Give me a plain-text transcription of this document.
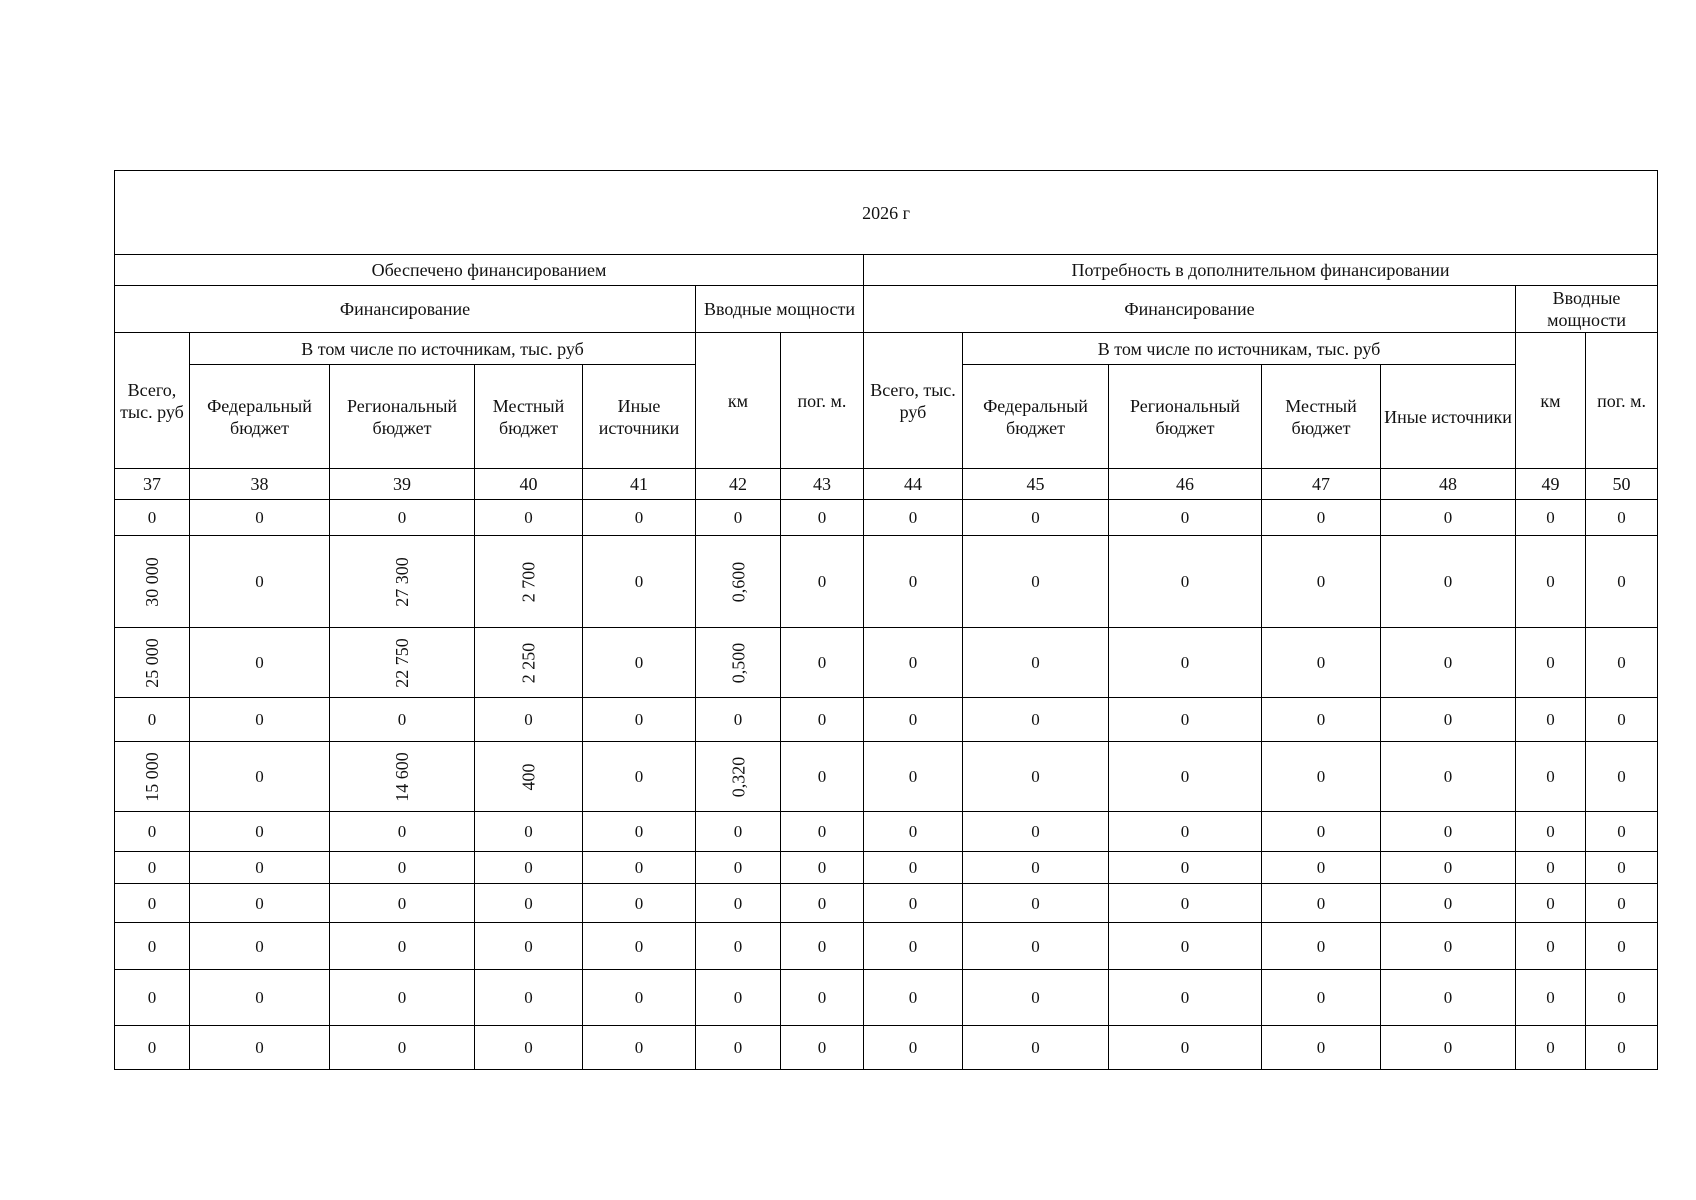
2026 г													
Обеспечено финансированием							Потребность в дополнительном финансировании						
Финансирование					Вводные мощности		Финансирование					Вводные мощности	
Всего, тыс. руб	В том числе по источникам, тыс. руб				км	пог. м.	Всего, тыс. руб	В том числе по источникам, тыс. руб				км	пог. м.
	Федеральный бюджет	Региональный бюджет	Местный бюджет	Иные источники				Федеральный бюджет	Региональный бюджет	Местный бюджет	Иные источники		
37	38	39	40	41	42	43	44	45	46	47	48	49	50
0	0	0	0	0	0	0	0	0	0	0	0	0	0
30 000	0	27 300	2 700	0	0,600	0	0	0	0	0	0	0	0
25 000	0	22 750	2 250	0	0,500	0	0	0	0	0	0	0	0
0	0	0	0	0	0	0	0	0	0	0	0	0	0
15 000	0	14 600	400	0	0,320	0	0	0	0	0	0	0	0
0	0	0	0	0	0	0	0	0	0	0	0	0	0
0	0	0	0	0	0	0	0	0	0	0	0	0	0
0	0	0	0	0	0	0	0	0	0	0	0	0	0
0	0	0	0	0	0	0	0	0	0	0	0	0	0
0	0	0	0	0	0	0	0	0	0	0	0	0	0
0	0	0	0	0	0	0	0	0	0	0	0	0	0
